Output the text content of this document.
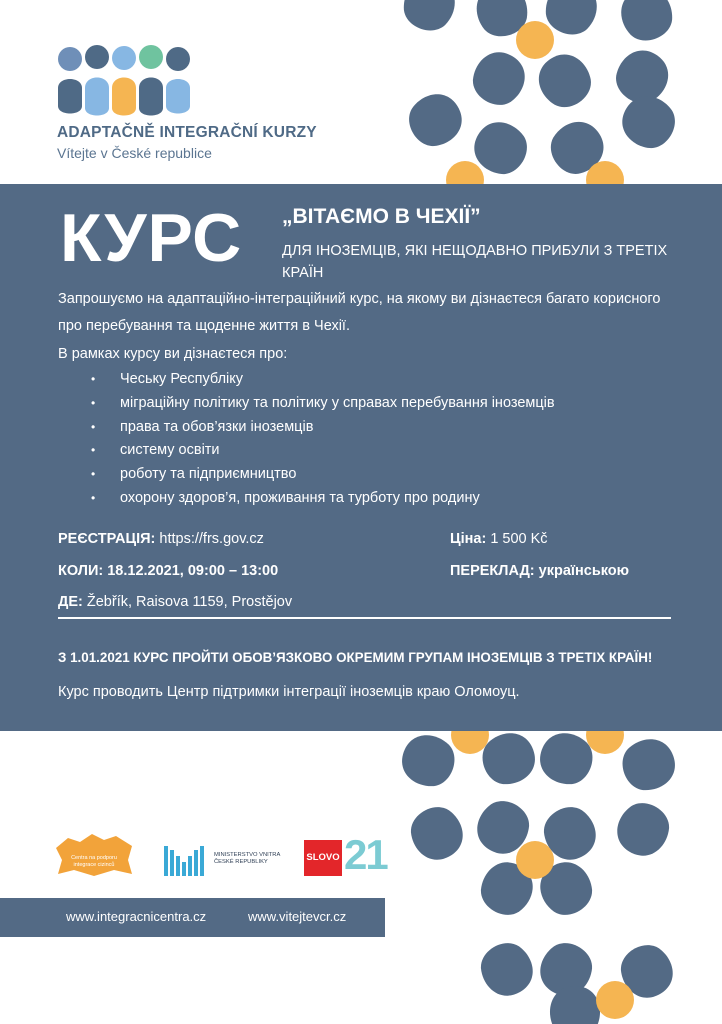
ADAPTAČNĚ INTEGRAČNÍ KURZY
Vítejte v České republice
КУРС „ВІТАЄМО В ЧЕХІЇ”
ДЛЯ ІНОЗЕМЦІВ, ЯКІ НЕЩОДАВНО ПРИБУЛИ З ТРЕТІХ КРАЇН
Запрошуємо на адаптаційно-інтеграційний курс, на якому ви дізнаєтеся багато корисного про перебування та щоденне життя в Чехії.
В рамках курсу ви дізнаєтеся про:
• Чеську Республіку
• міграційну політику та політику у справах перебування іноземців
• права та обов’язки іноземців
• систему освіти
• роботу та підприємництво
• охорону здоров’я, проживання та турботу про родину
РЕЄСТРАЦІЯ: https://frs.gov.cz	Ціна: 1 500 Kč
КОЛИ: 18.12.2021, 09:00 – 13:00	ПЕРЕКЛАД: українською
ДЕ: Žebřík, Raisova 1159, Prostějov
З 1.01.2021 КУРС ПРОЙТИ ОБОВ’ЯЗКОВО ОКРЕМИМ ГРУПАМ ІНОЗЕМЦІВ З ТРЕТІХ КРАЇН!
Курс проводить Центр підтримки інтеграції іноземців краю Оломоуц.
Centra na podporu
integrace cizinců
MINISTERSTVO VNITRA
ČESKÉ REPUBLIKY	SLOVO 21
www.integracnicentra.cz	www.vitejtevcr.cz
